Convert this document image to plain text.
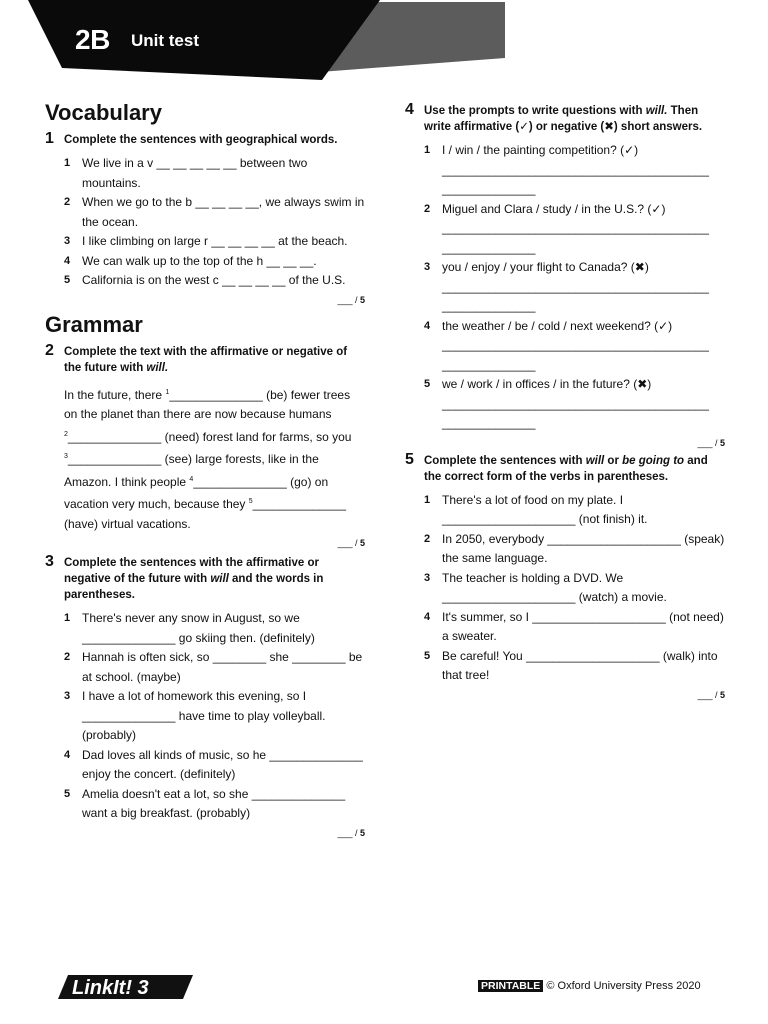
2B Unit test
Vocabulary
1 Complete the sentences with geographical words.

1 We live in a v __ __ __ __ __ between two mountains.
2 When we go to the b __ __ __ __, we always swim in the ocean.
3 I like climbing on large r __ __ __ __ at the beach.
4 We can walk up to the top of the h __ __ __.
5 California is on the west c __ __ __ __ of the U.S.
___ / 5
Grammar
2 Complete the text with the affirmative or negative of the future with will.

In the future, there $^1$______________ (be) fewer trees on the planet than there are now because humans $^2$______________ (need) forest land for farms, so you $^3$______________ (see) large forests, like in the Amazon. I think people $^4$______________ (go) on vacation very much, because they $^5$______________ (have) virtual vacations.

___ / 5
3 Complete the sentences with the affirmative or negative of the future with will and the words in parentheses.

1 There's never any snow in August, so we ______________ go skiing then. (definitely)
2 Hannah is often sick, so ________ she ________ be at school. (maybe)
3 I have a lot of homework this evening, so I ______________ have time to play volleyball. (probably)
4 Dad loves all kinds of music, so he ______________ enjoy the concert. (definitely)
5 Amelia doesn't eat a lot, so she ______________ want a big breakfast. (probably)
___ / 5
4 Use the prompts to write questions with will. Then write affirmative (✓) or negative (✖) short answers.

1 I / win / the painting competition? (✓)
________________________________________
______________
2 Miguel and Clara / study / in the U.S.? (✓)
________________________________________
______________
3 you / enjoy / your flight to Canada? (✖)
________________________________________
______________
4 the weather / be / cold / next weekend? (✓)
________________________________________
______________
5 we / work / in offices / in the future? (✖)
________________________________________
______________
___ / 5
5 Complete the sentences with will or be going to and the correct form of the verbs in parentheses.

1 There's a lot of food on my plate. I ____________________ (not finish) it.
2 In 2050, everybody ____________________ (speak) the same language.
3 The teacher is holding a DVD. We ____________________ (watch) a movie.
4 It's summer, so I ____________________ (not need) a sweater.
5 Be careful! You ____________________ (walk) into that tree!
___ / 5
LinkIt! 3	PRINTABLE © Oxford University Press 2020
